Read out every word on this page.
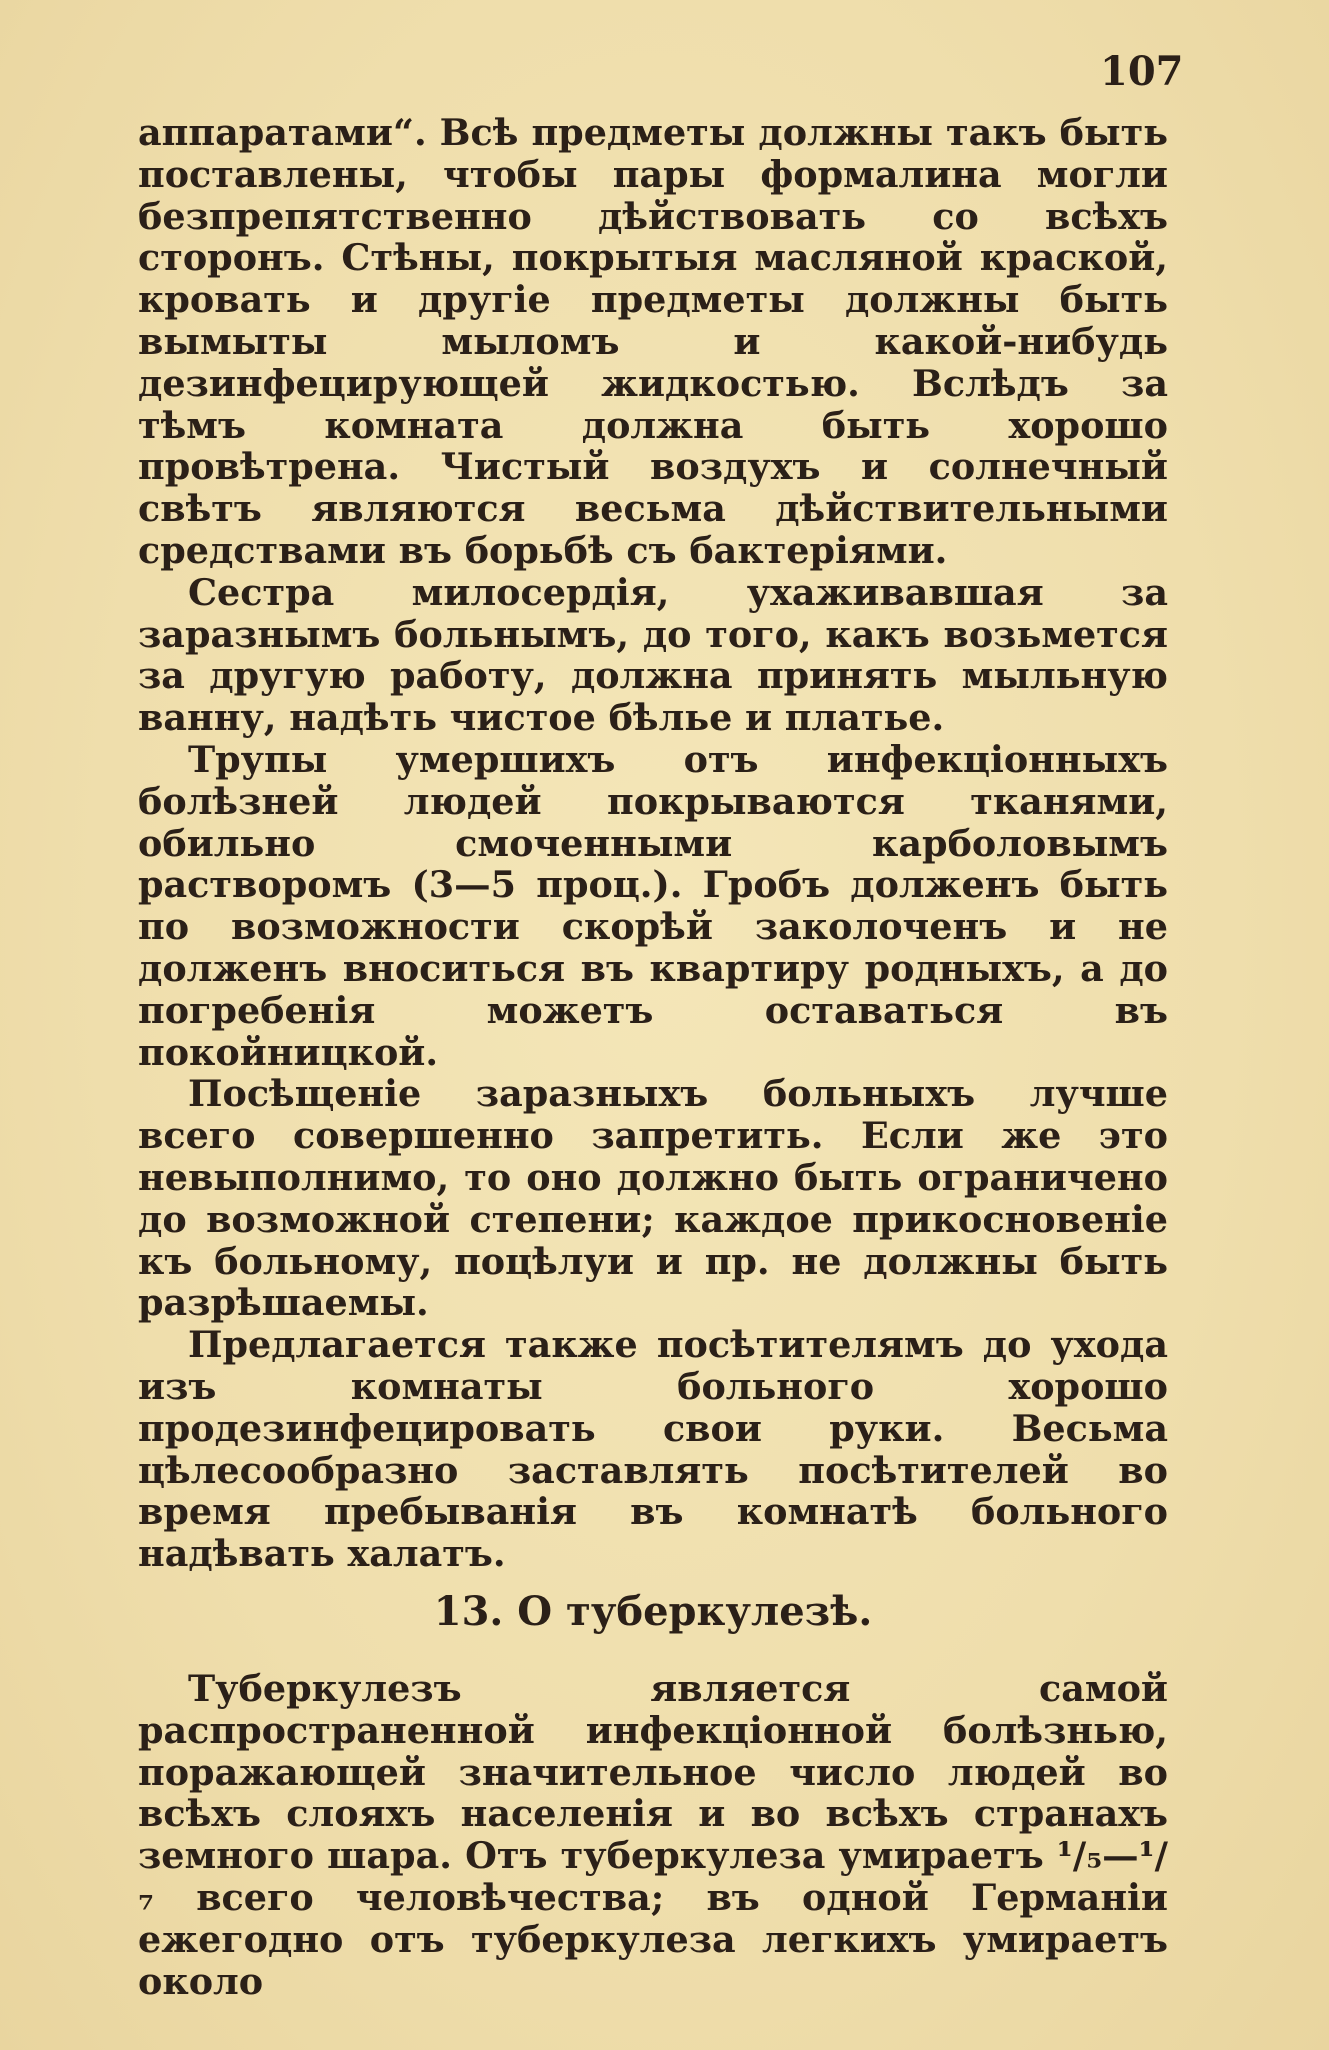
107

аппаратами“. Всѣ предметы должны такъ быть поставлены, чтобы пары формалина могли безпрепятственно дѣйствовать со всѣхъ сторонъ. Стѣны, покрытыя масляной краской, кровать и другіе предметы должны быть вымыты мыломъ и какой-нибудь дезинфецирующей жидкостью. Вслѣдъ за тѣмъ комната должна быть хорошо провѣтрена. Чистый воздухъ и солнечный свѣтъ являются весьма дѣйствительными средствами въ борьбѣ съ бактеріями.

Сестра милосердія, ухаживавшая за заразнымъ больнымъ, до того, какъ возьмется за другую работу, должна принять мыльную ванну, надѣть чистое бѣлье и платье.

Трупы умершихъ отъ инфекціонныхъ болѣзней людей покрываются тканями, обильно смоченными карболовымъ растворомъ (3—5 проц.). Гробъ долженъ быть по возможности скорѣй заколоченъ и не долженъ вноситься въ квартиру родныхъ, а до погребенія можетъ оставаться въ покойницкой.

Посѣщеніе заразныхъ больныхъ лучше всего совершенно запретить. Если же это невыполнимо, то оно должно быть ограничено до возможной степени; каждое прикосновеніе къ больному, поцѣлуи и пр. не должны быть разрѣшаемы.

Предлагается также посѣтителямъ до ухода изъ комнаты больного хорошо продезинфецировать свои руки. Весьма цѣлесообразно заставлять посѣтителей во время пребыванія въ комнатѣ больного надѣвать халатъ.

13. О туберкулезѣ.

Туберкулезъ является самой распространенной инфекціонной болѣзнью, поражающей значительное число людей во всѣхъ слояхъ населенія и во всѣхъ странахъ земного шара. Отъ туберкулеза умираетъ ¹/₅—¹/₇ всего человѣчества; въ одной Германіи ежегодно отъ туберкулеза легкихъ умираетъ около
